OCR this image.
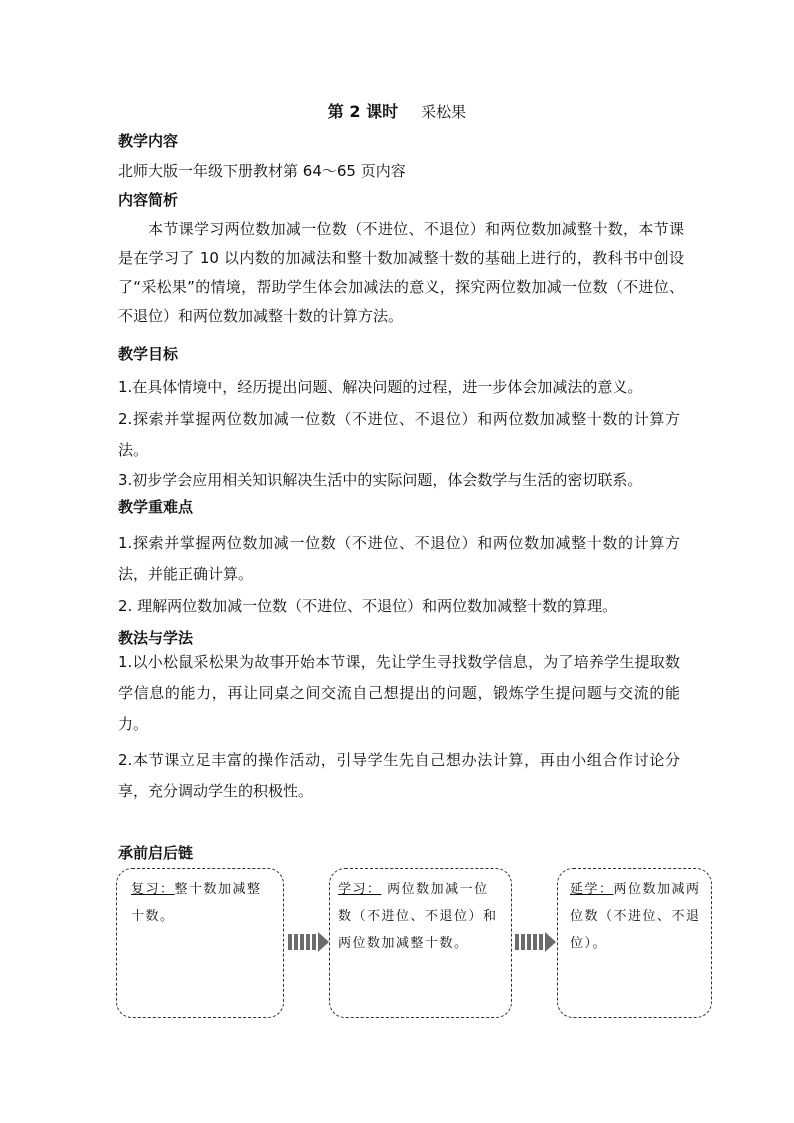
第 2 课时 采松果
教学内容
北师大版一年级下册教材第 64～65 页内容
内容简析
本节课学习两位数加减一位数（不进位、不退位）和两位数加减整十数，本节课是在学习了 10 以内数的加减法和整十数加减整十数的基础上进行的，教科书中创设了“采松果”的情境，帮助学生体会加减法的意义，探究两位数加减一位数（不进位、不退位）和两位数加减整十数的计算方法。
教学目标
1.在具体情境中，经历提出问题、解决问题的过程，进一步体会加减法的意义。
2.探索并掌握两位数加减一位数（不进位、不退位）和两位数加减整十数的计算方法。
3.初步学会应用相关知识解决生活中的实际问题，体会数学与生活的密切联系。
教学重难点
1.探索并掌握两位数加减一位数（不进位、不退位）和两位数加减整十数的计算方法，并能正确计算。
2. 理解两位数加减一位数（不进位、不退位）和两位数加减整十数的算理。
教法与学法
1.以小松鼠采松果为故事开始本节课，先让学生寻找数学信息，为了培养学生提取数学信息的能力，再让同桌之间交流自己想提出的问题，锻炼学生提问题与交流的能力。
2.本节课立足丰富的操作活动，引导学生先自己想办法计算，再由小组合作讨论分享，充分调动学生的积极性。
承前启后链
复习：整十数加减整十数。
学习： 两位数加减一位数（不进位、不退位）和两位数加减整十数。
延学：两位数加减两位数（不进位、不退位）。
